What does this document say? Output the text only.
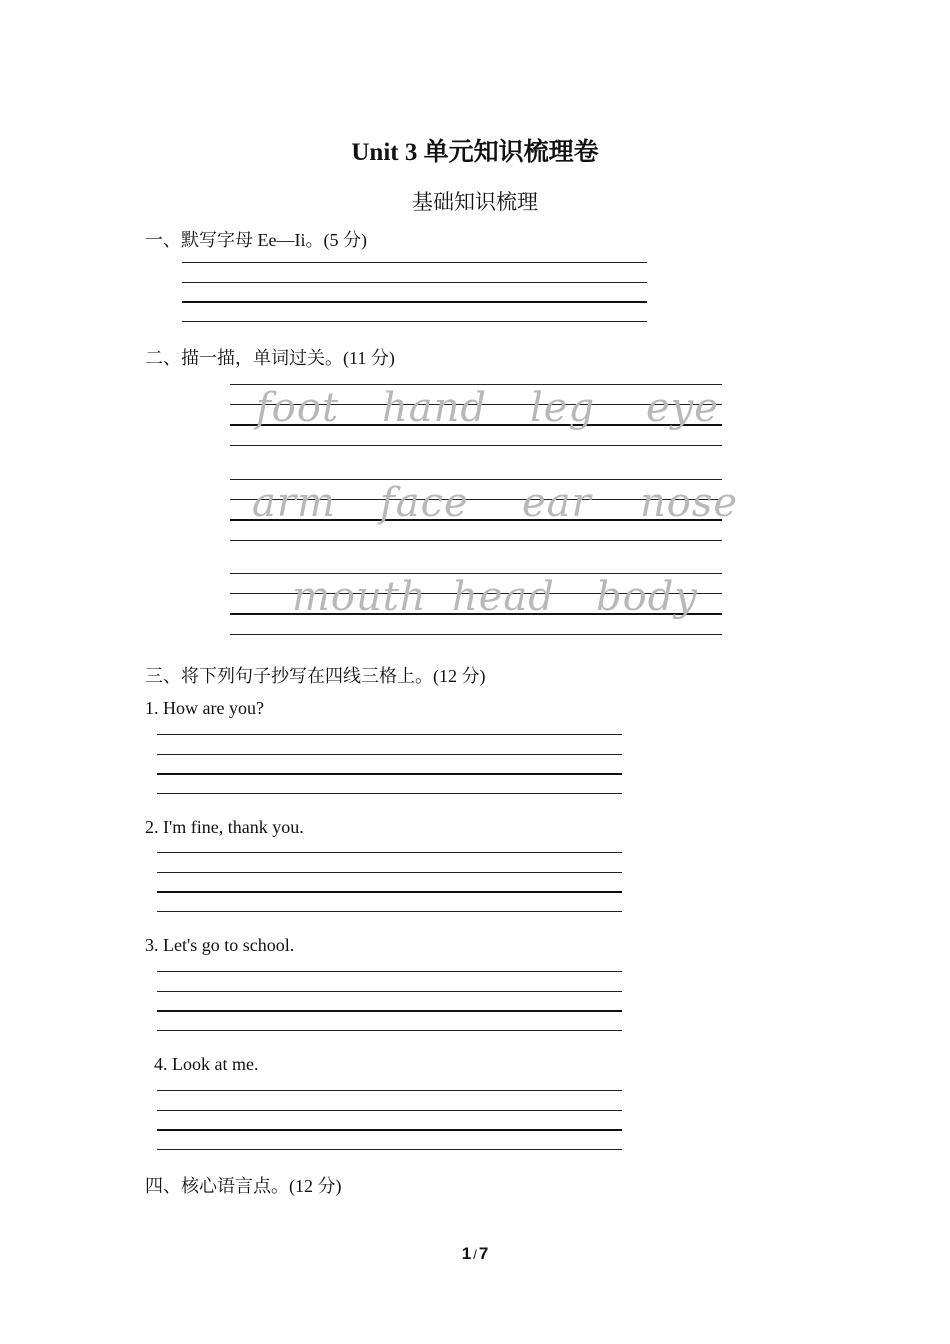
Unit 3 单元知识梳理卷
基础知识梳理
一、默写字母 Ee—Ii。(5 分)
二、描一描，单词过关。(11 分)
foot hand leg eye
arm face ear nose
mouth head body
三、将下列句子抄写在四线三格上。(12 分)
1. How are you?
2. I'm fine, thank you.
3. Let's go to school.
4. Look at me.
四、核心语言点。(12 分)
1 / 7
